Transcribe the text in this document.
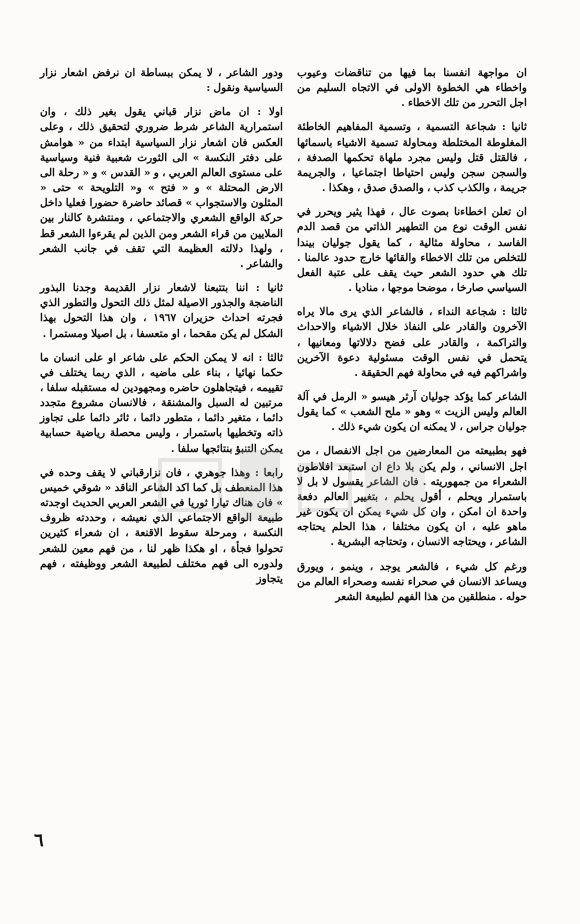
ان مواجهة انفسنا بما فيها من تناقضات وعيوب واخطاء هي الخطوة الاولى في الاتجاه السليم من اجل التحرر من تلك الاخطاء .

ثانيا : شجاعة التسمية ، وتسمية المفاهيم الخاطئة المغلوطة المختلطة ومحاولة تسمية الاشياء باسمائها ، فالقتل قتل وليس مجرد ملهاة تحكمها الصدفة ، والسجن سجن وليس احتياطا اجتماعيا ، والجريمة جريمة ، والكذب كذب ، والصدق صدق ، وهكذا .

ان تعلن اخطاءنا بصوت عال ، فهذا يثير ويحرر في نفس الوقت نوع من التطهير الذاتي من قصد الدم الفاسد ، محاولة مثالية ، كما يقول جوليان بيندا للتخلص من تلك الاخطاء والقائها خارج حدود عالمنا . تلك هي حدود الشعر حيث يقف على عتبة الفعل السياسي صارخا ، موضحا موجها ، مناديا .

ثالثا : شجاعة النداء ، فالشاعر الذي يرى مالا يراه الآخرون والقادر على النفاذ خلال الاشياء والاحداث والتراكمة ، والقادر على فضح دلالاتها ومعانيها ، يتحمل في نفس الوقت مسئولية دعوة الآخرين واشراكهم فيه في محاولة فهم الحقيقة .

الشاعر كما يؤكد جوليان آرثر هيسو « الرمل في آلة العالم وليس الزيت » وهو « ملح الشعب » كما يقول جوليان جراس ، لا يمكنه ان يكون شيء ذلك .

فهو بطبيعته من المعارضين من اجل الانفصال ، من اجل الانساني ، ولم يكن بلا داع ان استبعد افلاطون الشعراء من جمهوريته . فان الشاعر يقسول لا بل لا باستمرار ويحلم ، أقول يحلم ، بتغيير العالم دفعة واحدة ان امكن ، وان كل شيء يمكن ان يكون غير ماهو عليه ، ان يكون مختلفا ، هذا الحلم يحتاجه الشاعر ، ويحتاجه الانسان ، وتحتاجه البشرية .

ورغم كل شيء ، فالشعر يوجد ، وينمو ، ويورق ويساعد الانسان في صحراء نفسه وصحراء العالم من حوله . منطلقين من هذا الفهم لطبيعة الشعر

ودور الشاعر ، لا يمكن ببساطة ان نرفض اشعار نزار السياسية ونقول :

اولا : ان ماض نزار قباني يقول بغير ذلك ، وان استمرارية الشاعر شرط ضروري لتحقيق ذلك ، وعلى العكس فان اشعار نزار السياسية ابتداء من « هوامش على دفتر النكسة » الى الثورت شعبية فنية وسياسية على مستوى العالم العربي ، و « القدس » و « رحلة الى الارض المحتلة » و « فتح » و« التلويحة » حتى « المثلون والاستجواب » قصائد حاضرة حضورا فعليا داخل حركة الواقع الشعري والاجتماعي ، ومنتشرة كالنار بين الملايين من قراء الشعر ومن الذين لم يقرءوا الشعر قط ، ولهذا دلالته العظيمة التي تقف في جانب الشعر والشاعر .

ثانيا : اننا بتتبعنا لاشعار نزار القديمة وجدنا البذور الناضجة والجذور الاصيلة لمثل ذلك التحول والتطور الذي فجرته احداث حزيران ١٩٦٧ ، وان هذا التحول بهذا الشكل لم يكن مقحما ، او متعسفا ، بل اصيلا ومستمرا .

ثالثا : انه لا يمكن الحكم على شاعر او على انسان ما حكما نهائيا ، بناء على ماضيه ، الذي ربما يختلف في تقييمه ، فيتجاهلون حاضره ومجهودين له مستقبله سلفا ، مرتبين له السبل والمشنقة ، فالانسان مشروع متجدد دائما ، متغير دائما ، متطور دائما ، ثائر دائما على تجاوز ذاته وتخطيها باستمرار ، وليس محصلة رياضية حسابية يمكن التنبؤ بنتائجها سلفا .

رابعا : وهذا جوهري ، فان نزارقباني لا يقف وحده في هذا المنعطف بل كما اكد الشاعر الناقد « شوقي خميس » فان هناك تيارا ثوريا في الشعر العربي الحديث اوجدته طبيعة الواقع الاجتماعي الذي نعيشه ، وحددته ظروف النكسة ، ومرحلة سقوط الاقنعة ، ان شعراء كثيرين تحولوا فجأة ، او هكذا ظهر لنا ، من فهم معين للشعر ولدوره الى فهم مختلف لطبيعة الشعر ووظيفته ، فهم يتجاوز

٦
